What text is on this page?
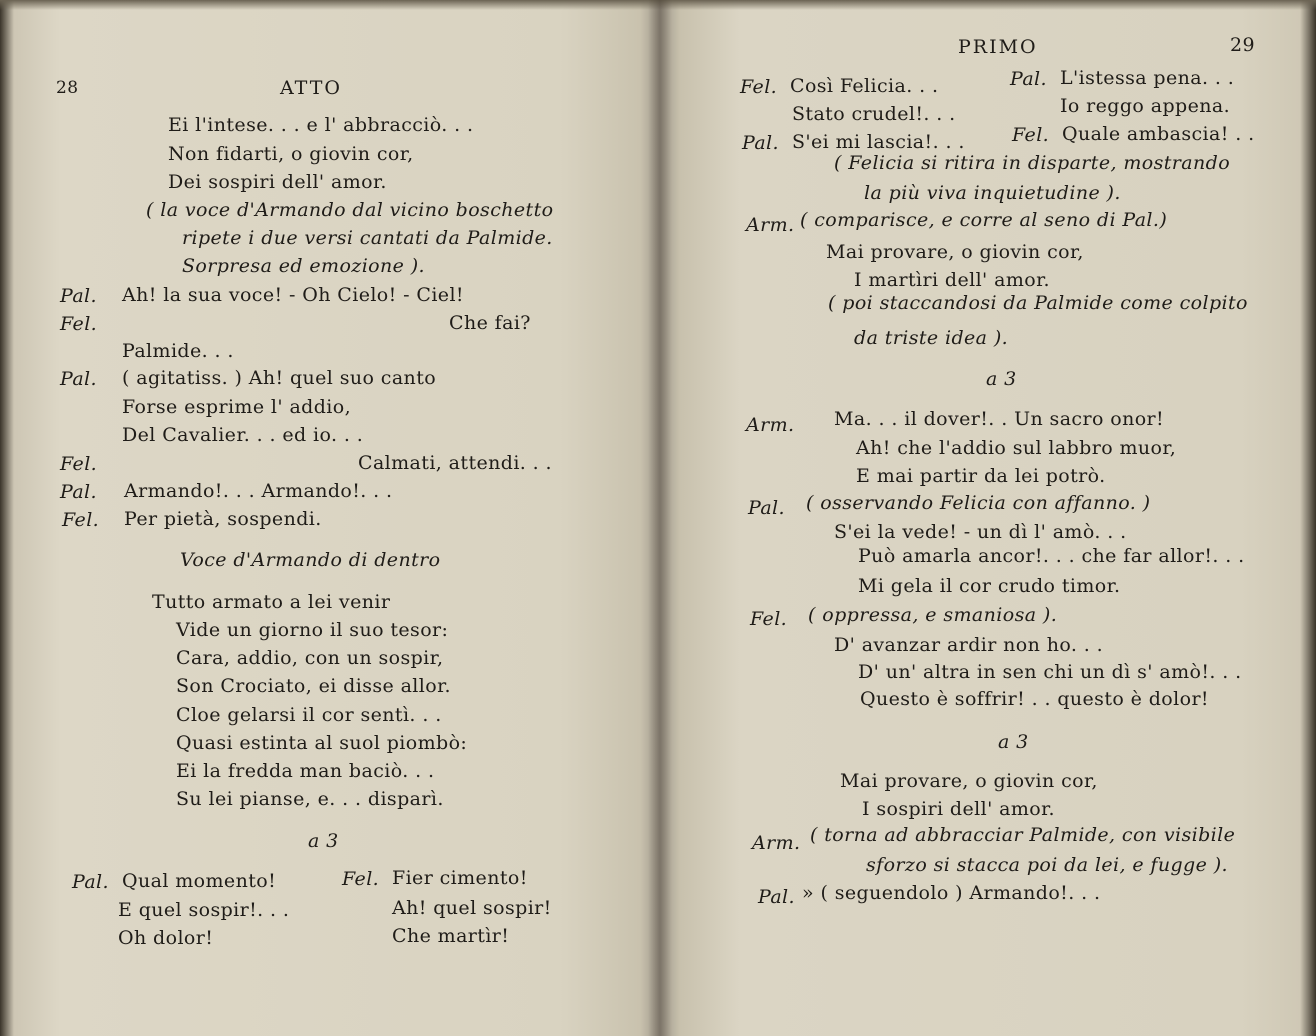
28	ATTO
Ei l'intese. . . e l' abbracciò. . .
Non fidarti, o giovin cor,
Dei sospiri dell' amor.
( la voce d'Armando dal vicino boschetto
ripete i due versi cantati da Palmide.
Sorpresa ed emozione ).
Pal. Ah! la sua voce! - Oh Cielo! - Ciel!
Fel.	Che fai?
Palmide. . .
Pal. ( agitatiss. ) Ah! quel suo canto
Forse esprime l' addio,
Del Cavalier. . . ed io. . .
Fel.	Calmati, attendi. . .
Pal. Armando!. . . Armando!. . .
Fel. Per pietà, sospendi.
Voce d'Armando di dentro
Tutto armato a lei venir
Vide un giorno il suo tesor:
Cara, addio, con un sospir,
Son Crociato, ei disse allor.
Cloe gelarsi il cor sentì. . .
Quasi estinta al suol piombò:
Ei la fredda man baciò. . .
Su lei pianse, e. . . disparì.
a 3
Pal. Qual momento!	Fel. Fier cimento!
E quel sospir!. . .	Ah! quel sospir!
Oh dolor!	Che martìr!
PRIMO	29
Fel. Così Felicia. . .	Pal. L'istessa pena. . .
Stato crudel!. . .	Io reggo appena.
Pal. S'ei mi lascia!. . . Fel. Quale ambascia! . .
( Felicia si ritira in disparte, mostrando
la più viva inquietudine ).
Arm. ( comparisce, e corre al seno di Pal.)
Mai provare, o giovin cor,
I martìri dell' amor.
( poi staccandosi da Palmide come colpito
da triste idea ).
a 3
Arm. Ma. . . il dover!. . Un sacro onor!
Ah! che l'addio sul labbro muor,
E mai partir da lei potrò.
Pal. ( osservando Felicia con affanno. )
S'ei la vede! - un dì l' amò. . .
Può amarla ancor!. . . che far allor!. . .
Mi gela il cor crudo timor.
Fel. ( oppressa, e smaniosa ).
D' avanzar ardir non ho. . .
D' un' altra in sen chi un dì s' amò!. . .
Questo è soffrir! . . questo è dolor!
a 3
Mai provare, o giovin cor,
I sospiri dell' amor.
Arm. ( torna ad abbracciar Palmide, con visibile
sforzo si stacca poi da lei, e fugge ).
Pal. » ( seguendolo ) Armando!. . .
